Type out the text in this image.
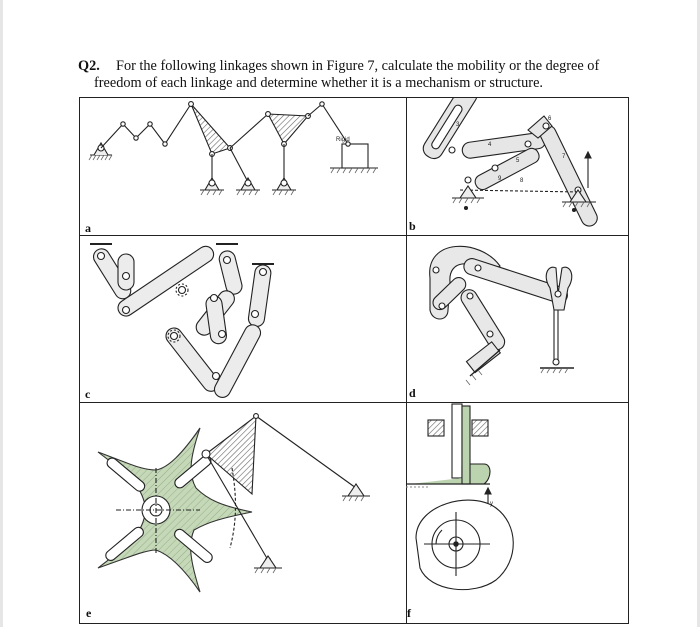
Q2. For the following linkages shown in Figure 7, calculate the mobility or the degree of
freedom of each linkage and determine whether it is a mechanism or structure.
a	b
c	d
e	f
Rigid
3
4
5
6
7
8
9
y
